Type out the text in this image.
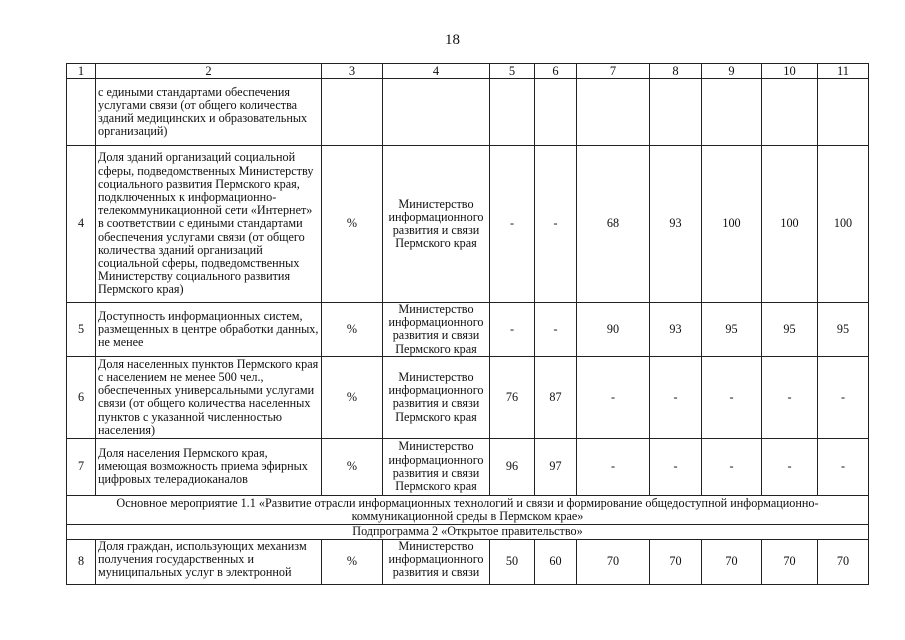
18
1	2	3	4	5	6	7	8	9	10	11
	с едиными стандартами обеспечения услугами связи (от общего количества зданий медицинских и образовательных организаций)									
4	Доля зданий организаций социальной сферы, подведомственных Министерству социального развития Пермского края, подключенных к информационно-телекоммуникационной сети «Интернет» в соответствии с едиными стандартами обеспечения услугами связи (от общего количества зданий организаций социальной сферы, подведомственных Министерству социального развития Пермского края)	%	Министерство информационного развития и связи Пермского края	-	-	68	93	100	100	100
5	Доступность информационных систем, размещенных в центре обработки данных, не менее	%	Министерство информационного развития и связи Пермского края	-	-	90	93	95	95	95
6	Доля населенных пунктов Пермского края с населением не менее 500 чел., обеспеченных универсальными услугами связи (от общего количества населенных пунктов с указанной численностью населения)	%	Министерство информационного развития и связи Пермского края	76	87	-	-	-	-	-
7	Доля населения Пермского края, имеющая возможность приема эфирных цифровых телерадиоканалов	%	Министерство информационного развития и связи Пермского края	96	97	-	-	-	-	-
Основное мероприятие 1.1 «Развитие отрасли информационных технологий и связи и формирование общедоступной информационно-коммуникационной среды в Пермском крае»										
Подпрограмма 2 «Открытое правительство»										
8	Доля граждан, использующих механизм получения государственных и муниципальных услуг в электронной	%	Министерство информационного развития и связи	50	60	70	70	70	70	70
